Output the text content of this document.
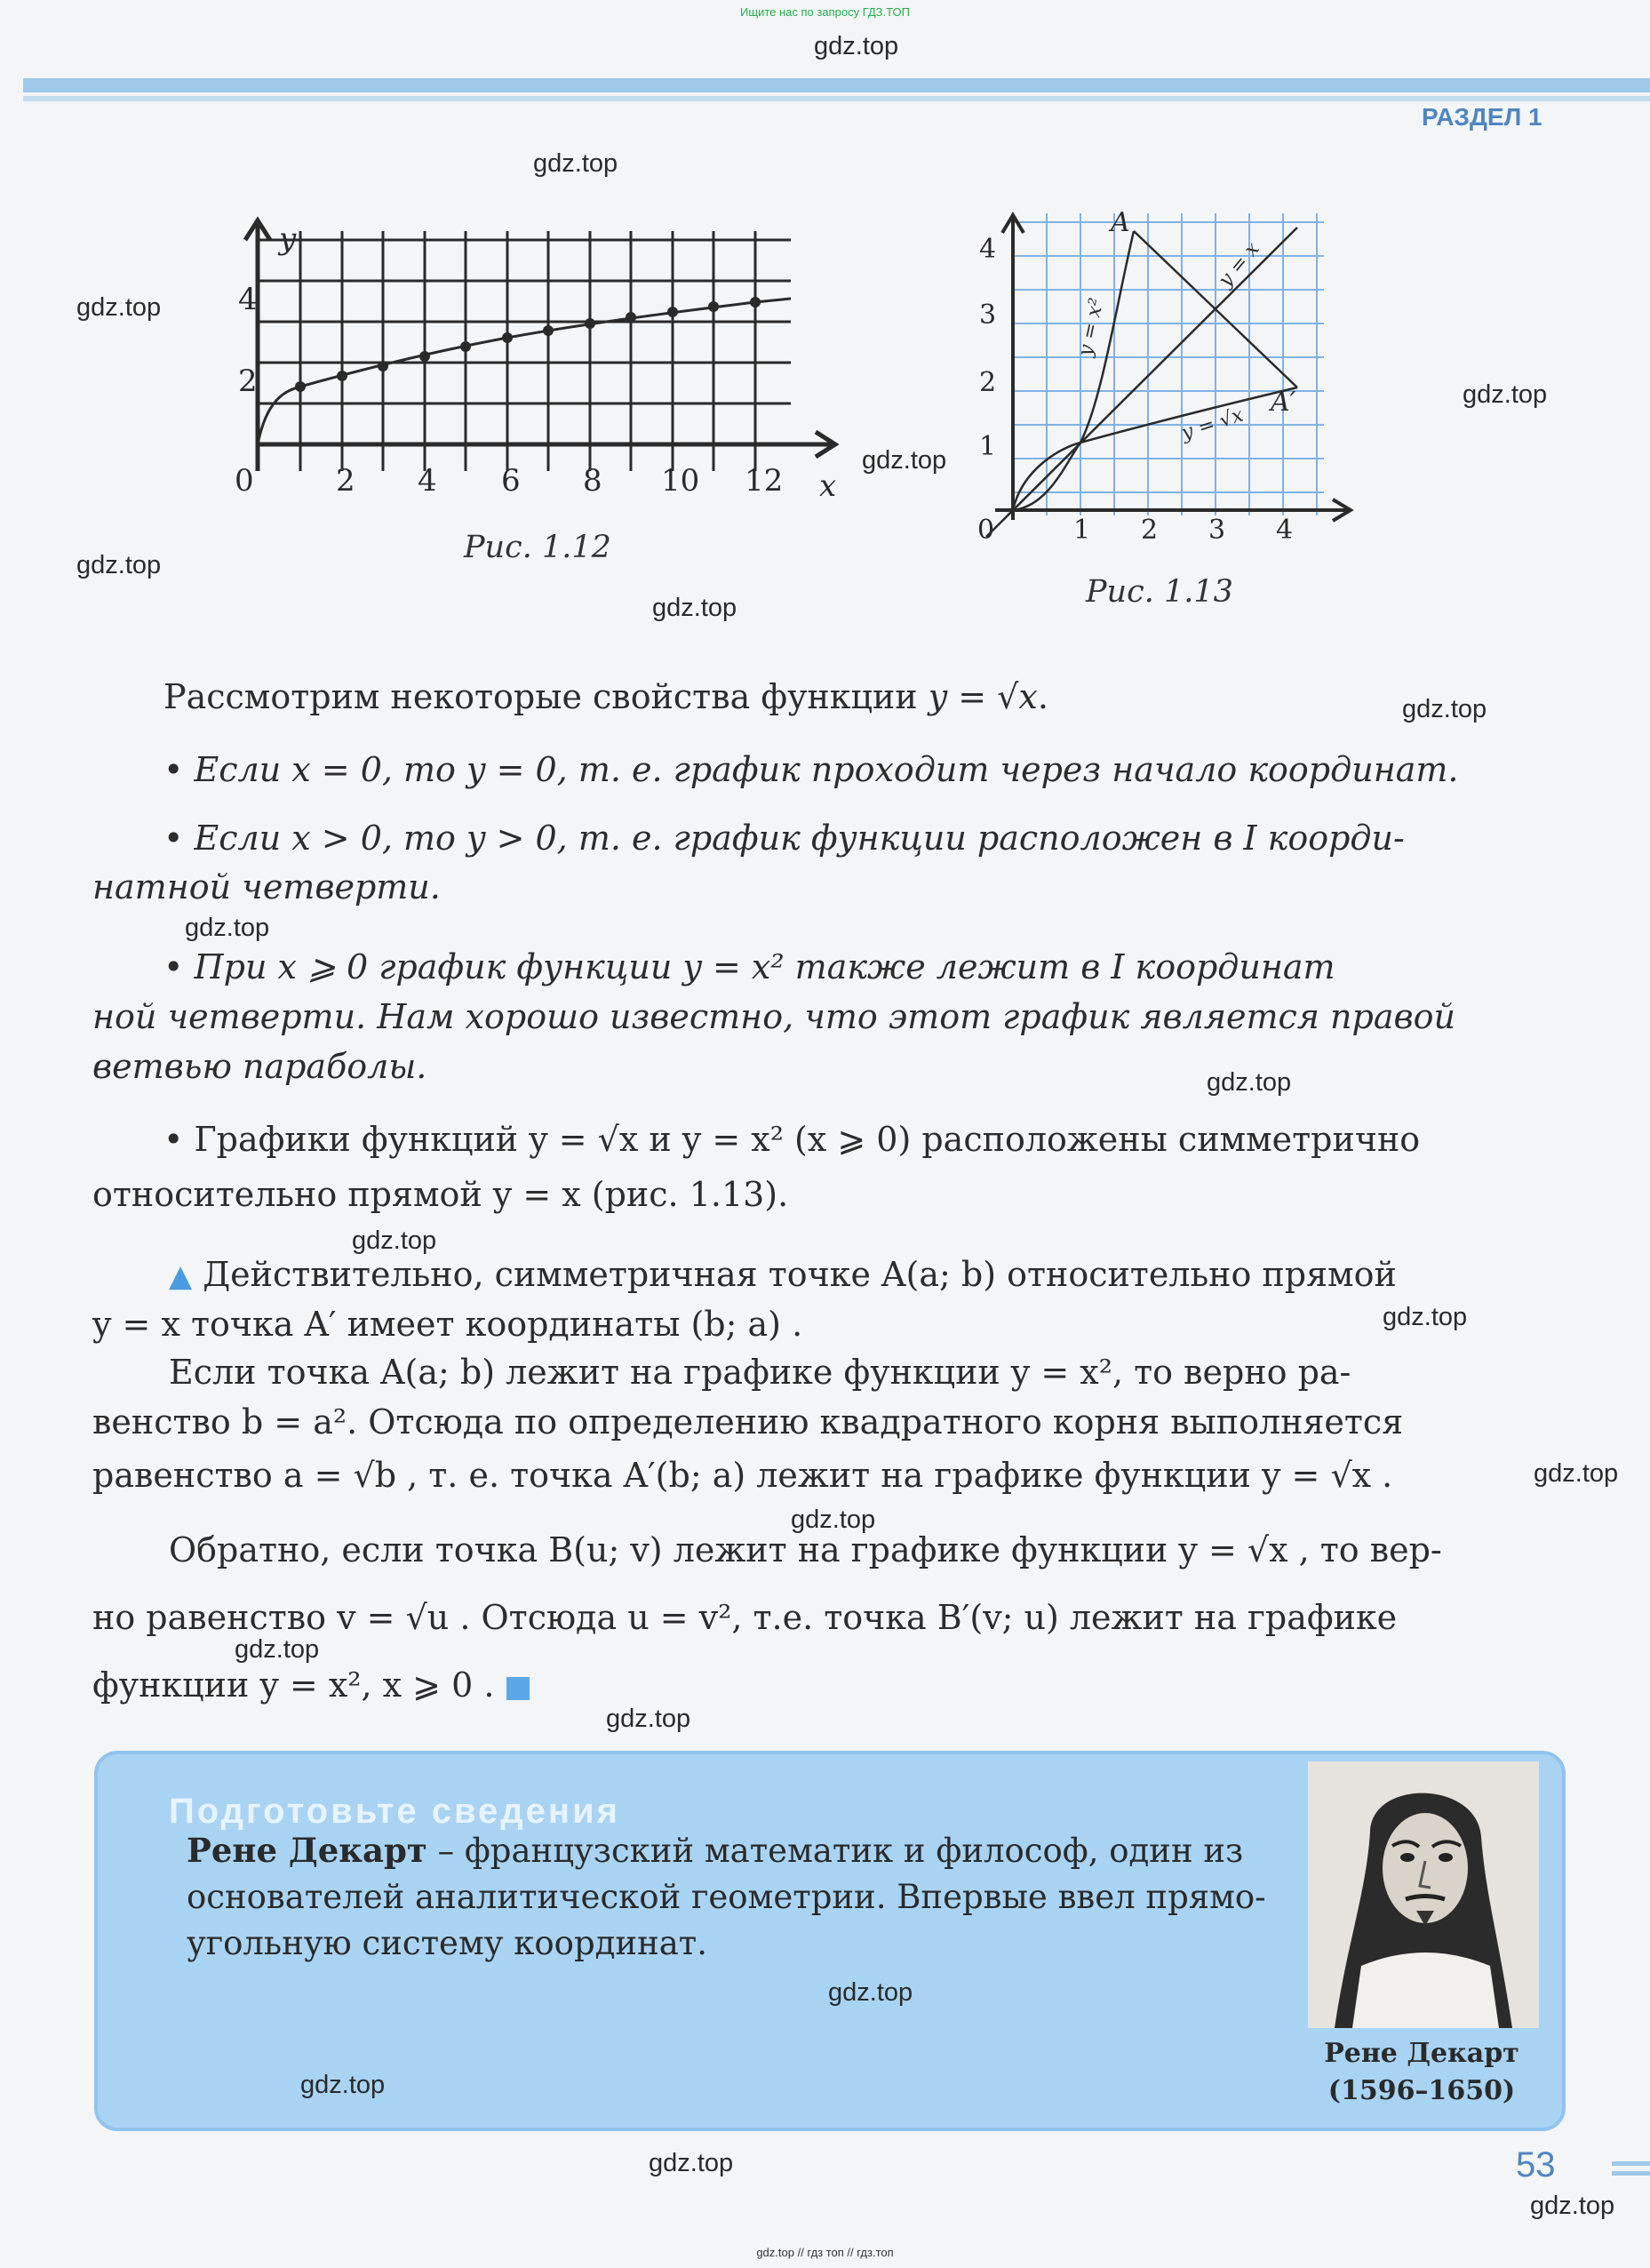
Ищите нас по запросу ГДЗ.ТОП
РАЗДЕЛ 1
y
x
4
2
0	2 4 6 8 10 12
Рис. 1.12
A
A′
y = x
y = x²
y = √x
4
3
2
1
0	1 2 3 4
Рис. 1.13
Рассмотрим некоторые свойства функции y = √x.
• Если x = 0, то y = 0, т. е. график проходит через начало координат.
• Если x > 0, то y > 0, т. е. график функции расположен в I коорди-
натной четверти.
• При x ⩾ 0 график функции y = x² также лежит в I координат
ной четверти. Нам хорошо известно, что этот график является правой
ветвью параболы.
• Графики функций y = √x и y = x² (x ⩾ 0) расположены симметрично
относительно прямой y = x (рис. 1.13).
▲ Действительно, симметричная точке A(a; b) относительно прямой
y = x точка A′ имеет координаты (b; a) .
Если точка A(a; b) лежит на графике функции y = x², то верно ра-
венство b = a². Отсюда по определению квадратного корня выполняется
равенство a = √b , т. е. точка A′(b; a) лежит на графике функции y = √x .
Обратно, если точка B(u; v) лежит на графике функции y = √x , то вер-
но равенство v = √u . Отсюда u = v², т.е. точка B′(v; u) лежит на графике
функции y = x², x ⩾ 0 .
Подготовьте сведения
Рене Декарт – французский математик и философ, один из основателей аналитической геометрии. Впервые ввел прямо-угольную систему координат.
Рене Декарт
(1596–1650)
53
gdz.top // гдз топ // гдз.топ
gdz.top
gdz.top
gdz.top
gdz.top
gdz.top
gdz.top
gdz.top
gdz.top
gdz.top
gdz.top
gdz.top
gdz.top
gdz.top
gdz.top
gdz.top
gdz.top
gdz.top
gdz.top
gdz.top
gdz.top
